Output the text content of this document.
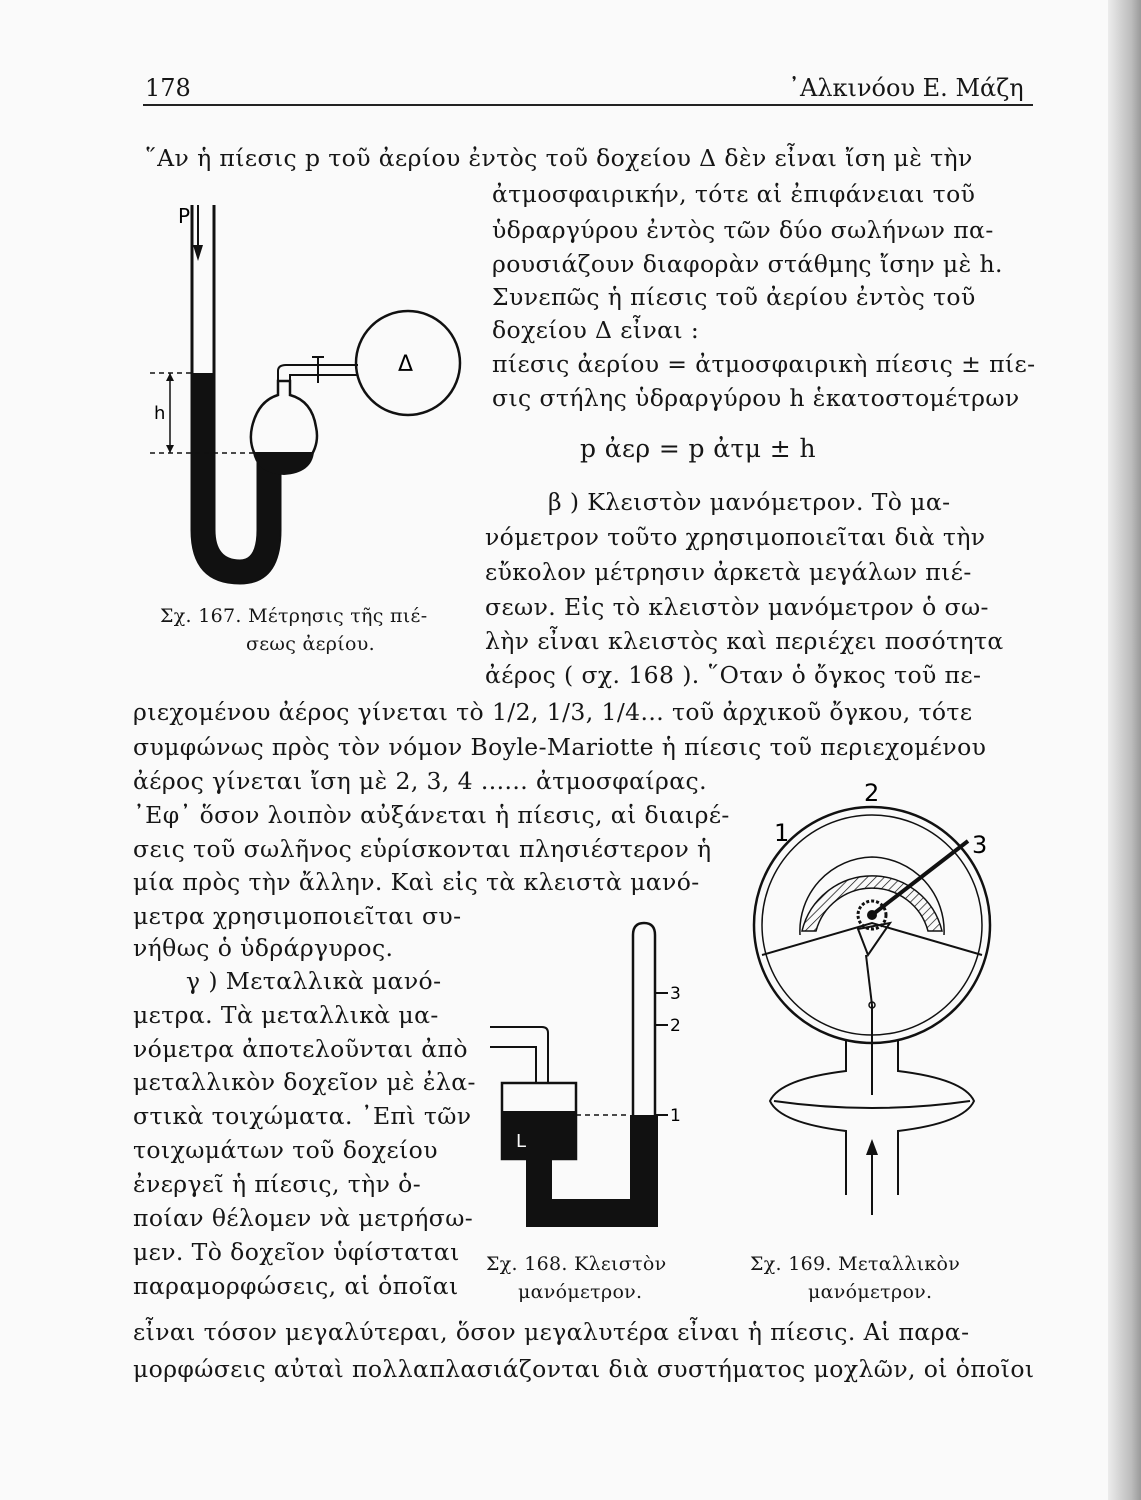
178	᾿Αλκινόου Ε. Μάζη
῞Αν ἡ πίεσις p τοῦ ἀερίου ἐντὸς τοῦ δοχείου Δ δὲν εἶναι ἴση μὲ τὴν
ἀτμοσφαιρικήν, τότε αἱ ἐπιφάνειαι τοῦ
ὑδραργύρου ἐντὸς τῶν δύο σωλήνων πα-
ρουσιάζουν διαφορὰν στάθμης ἴσην μὲ h.
Συνεπῶς ἡ πίεσις τοῦ ἀερίου ἐντὸς τοῦ
δοχείου Δ εἶναι :
πίεσις ἀερίου = ἀτμοσφαιρικὴ πίεσις ± πίε-
σις στήλης ὑδραργύρου h ἑκατοστομέτρων
p ἀερ = p ἀτμ ± h
β ) Κλειστὸν μανόμετρον. Τὸ μα-
νόμετρον τοῦτο χρησιμοποιεῖται διὰ τὴν
εὔκολον μέτρησιν ἀρκετὰ μεγάλων πιέ-
σεων. Εἰς τὸ κλειστὸν μανόμετρον ὁ σω-
λὴν εἶναι κλειστὸς καὶ περιέχει ποσότητα
ἀέρος ( σχ. 168 ). ῞Οταν ὁ ὄγκος τοῦ πε-
ριεχομένου ἀέρος γίνεται τὸ 1/2, 1/3, 1/4... τοῦ ἀρχικοῦ ὄγκου, τότε
συμφώνως πρὸς τὸν νόμον Boyle-Mariotte ἡ πίεσις τοῦ περιεχομένου
ἀέρος γίνεται ἴση μὲ 2, 3, 4 ...... ἀτμοσφαίρας.
᾿Εφ᾿ ὅσον λοιπὸν αὐξάνεται ἡ πίεσις, αἱ διαιρέ-
σεις τοῦ σωλῆνος εὑρίσκονται πλησιέστερον ἡ
μία πρὸς τὴν ἄλλην. Καὶ εἰς τὰ κλειστὰ μανό-
μετρα χρησιμοποιεῖται συ-
νήθως ὁ ὑδράργυρος.
γ ) Μεταλλικὰ μανό-
μετρα. Τὰ μεταλλικὰ μα-
νόμετρα ἀποτελοῦνται ἀπὸ
μεταλλικὸν δοχεῖον μὲ ἐλα-
στικὰ τοιχώματα. ᾿Επὶ τῶν
τοιχωμάτων τοῦ δοχείου
ἐνεργεῖ ἡ πίεσις, τὴν ὁ-
ποίαν θέλομεν νὰ μετρήσω-
μεν. Τὸ δοχεῖον ὑφίσταται
παραμορφώσεις, αἱ ὁποῖαι
εἶναι τόσον μεγαλύτεραι, ὅσον μεγαλυτέρα εἶναι ἡ πίεσις. Αἱ παρα-
μορφώσεις αὐταὶ πολλαπλασιάζονται διὰ συστήματος μοχλῶν, οἱ ὁποῖοι
P
Δ
h
Σχ. 167. Μέτρησις τῆς πιέ-
σεως ἀερίου.
3
2
1
L
Σχ. 168. Κλειστὸν
μανόμετρον.
1
2
3
Σχ. 169. Μεταλλικὸν
μανόμετρον.
